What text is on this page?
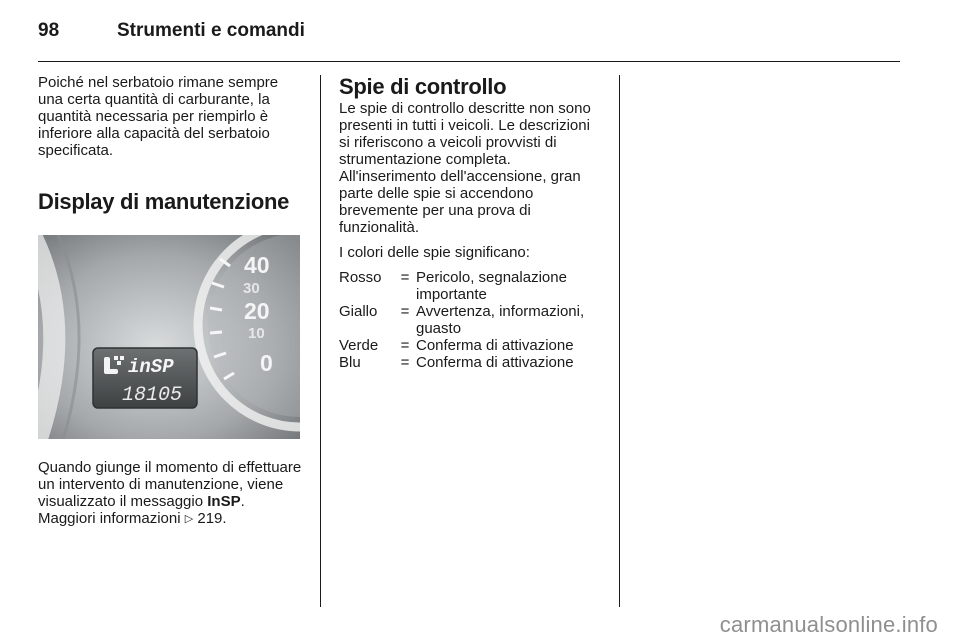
98	Strumenti e comandi

Poiché nel serbatoio rimane sempre una certa quantità di carburante, la quantità necessaria per riempirlo è inferiore alla capacità del serbatoio specificata.

Display di manutenzione
40
30
20
10
0
inSP
18105

Quando giunge il momento di effettuare un intervento di manutenzione, viene visualizzato il messaggio InSP. Maggiori informazioni ▷ 219.

Spie di controllo

Le spie di controllo descritte non sono presenti in tutti i veicoli. Le descrizioni si riferiscono a veicoli provvisti di strumentazione completa. All'inserimento dell'accensione, gran parte delle spie si accendono brevemente per una prova di funzionalità.

I colori delle spie significano:

Rosso	= Pericolo, segnalazione importante
Giallo	= Avvertenza, informazioni, guasto
Verde	= Conferma di attivazione
Blu	= Conferma di attivazione
carmanualsonline.info
